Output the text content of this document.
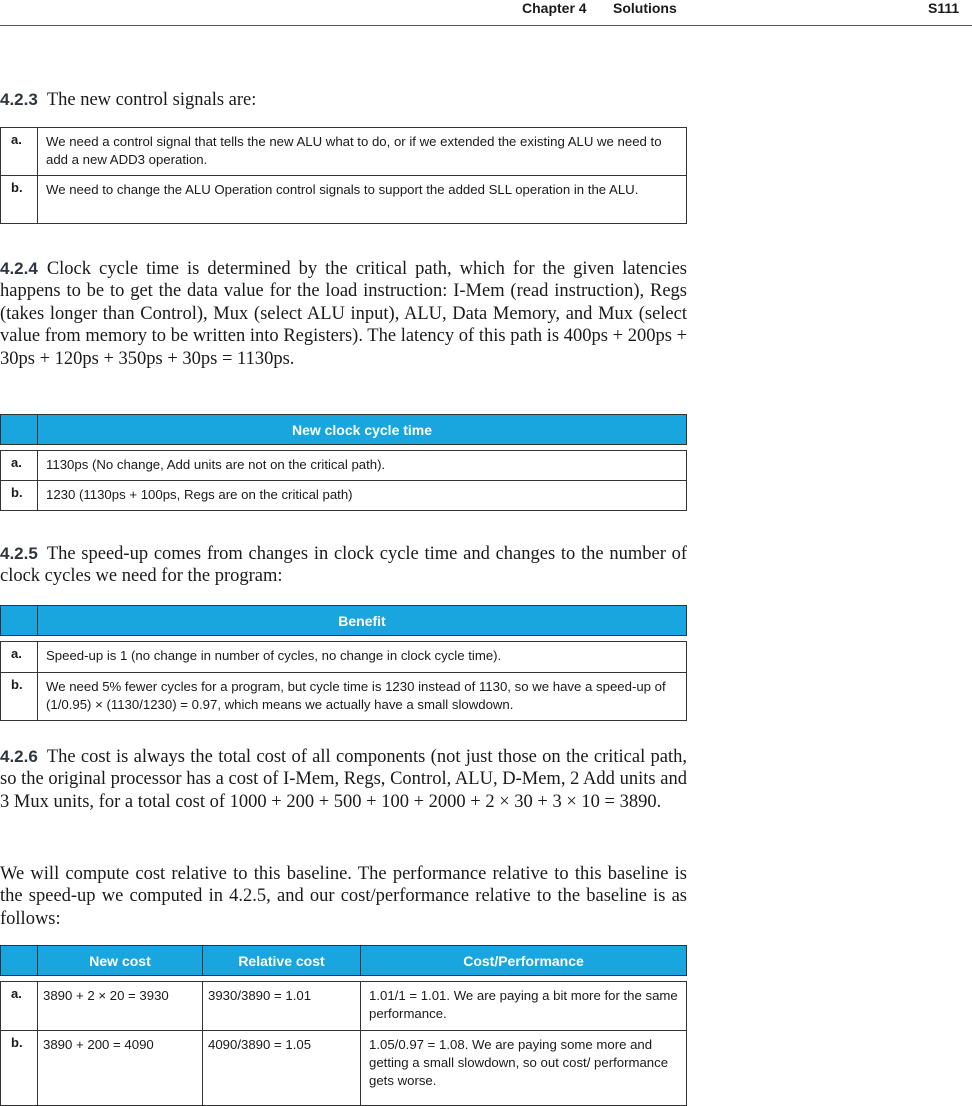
Chapter 4 Solutions	S111

4.2.3 The new control signals are:

a.	We need a control signal that tells the new ALU what to do, or if we extended the existing ALU we need to add a new ADD3 operation.
b.	We need to change the ALU Operation control signals to support the added SLL operation in the ALU.

4.2.4 Clock cycle time is determined by the critical path, which for the given latencies happens to be to get the data value for the load instruction: I-Mem (read instruction), Regs (takes longer than Control), Mux (select ALU input), ALU, Data Memory, and Mux (select value from memory to be written into Registers). The latency of this path is 400ps + 200ps + 30ps + 120ps + 350ps + 30ps = 1130ps.

	New clock cycle time

a.	1130ps (No change, Add units are not on the critical path).
b.	1230 (1130ps + 100ps, Regs are on the critical path)

4.2.5 The speed-up comes from changes in clock cycle time and changes to the number of clock cycles we need for the program:

	Benefit

a.	Speed-up is 1 (no change in number of cycles, no change in clock cycle time).
b.	We need 5% fewer cycles for a program, but cycle time is 1230 instead of 1130, so we have a speed-up of (1/0.95) × (1130/1230) = 0.97, which means we actually have a small slowdown.

4.2.6 The cost is always the total cost of all components (not just those on the critical path, so the original processor has a cost of I-Mem, Regs, Control, ALU, D-Mem, 2 Add units and 3 Mux units, for a total cost of 1000 + 200 + 500 + 100 + 2000 + 2 × 30 + 3 × 10 = 3890.

We will compute cost relative to this baseline. The performance relative to this baseline is the speed-up we computed in 4.2.5, and our cost/performance relative to the baseline is as follows:

	New cost	Relative cost	Cost/Performance

a.	3890 + 2 × 20 = 3930	3930/3890 = 1.01	1.01/1 = 1.01. We are paying a bit more for the same performance.
b.	3890 + 200 = 4090	4090/3890 = 1.05	1.05/0.97 = 1.08. We are paying some more and getting a small slowdown, so out cost/ performance gets worse.
